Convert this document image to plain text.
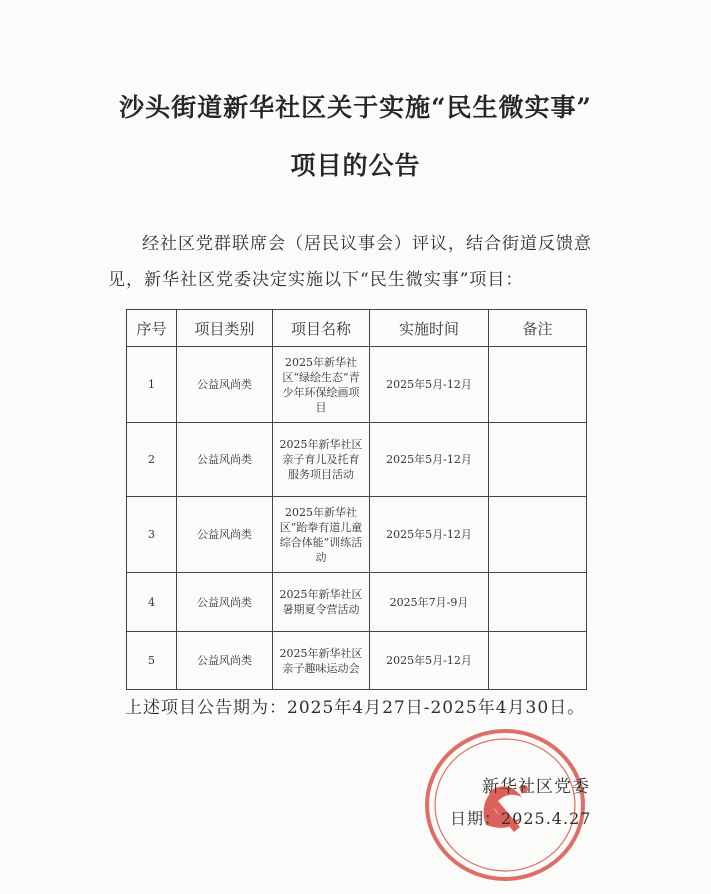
沙头街道新华社区关于实施“民生微实事”
项目的公告
经社区党群联席会（居民议事会）评议，结合街道反馈意见，新华社区党委决定实施以下“民生微实事”项目：
序号	项目类别	项目名称	实施时间	备注
1	公益风尚类	2025年新华社区“绿绘生态”青少年环保绘画项目	2025年5月-12月	
2	公益风尚类	2025年新华社区亲子育儿及托育服务项目活动	2025年5月-12月	
3	公益风尚类	2025年新华社区“跆拳有道儿童综合体能”训练活动	2025年5月-12月	
4	公益风尚类	2025年新华社区暑期夏令营活动	2025年7月-9月	
5	公益风尚类	2025年新华社区亲子趣味运动会	2025年5月-12月	
上述项目公告期为：2025年4月27日-2025年4月30日。
新华社区党委
日期：2025.4.27
